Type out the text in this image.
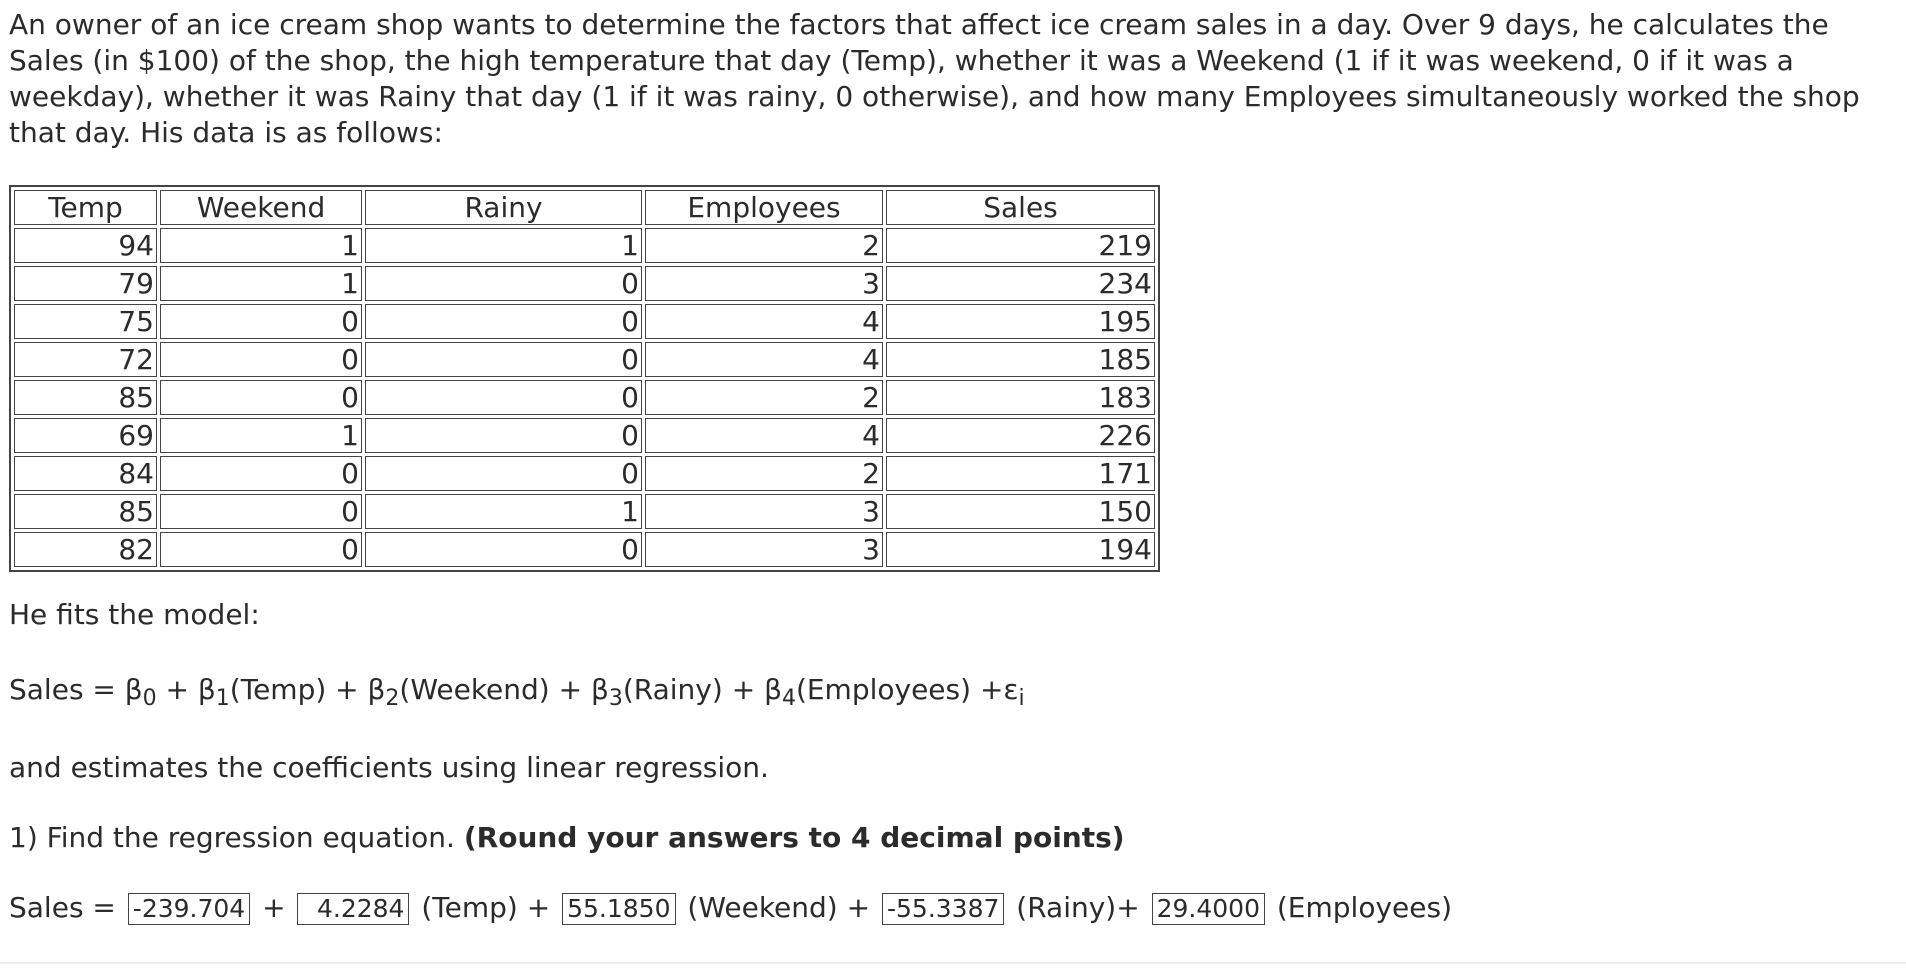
An owner of an ice cream shop wants to determine the factors that affect ice cream sales in a day. Over 9 days, he calculates the Sales (in $100) of the shop, the high temperature that day (Temp), whether it was a Weekend (1 if it was weekend, 0 if it was a weekday), whether it was Rainy that day (1 if it was rainy, 0 otherwise), and how many Employees simultaneously worked the shop that day. His data is as follows:

Temp	Weekend	Rainy	Employees	Sales
94	1	1	2	219
79	1	0	3	234
75	0	0	4	195
72	0	0	4	185
85	0	0	2	183
69	1	0	4	226
84	0	0	2	171
85	0	1	3	150
82	0	0	3	194

He fits the model:

Sales = $\beta_0$ + $\beta_1(Temp)$ + $\beta_2(Weekend)$ + $\beta_3(Rainy)$ + $\beta_4(Employees) +\varepsilon_i$

and estimates the coefficients using linear regression.

1) Find the regression equation. (Round your answers to 4 decimal points)

Sales = -239.704 + 4.2284 (Temp) + 55.1850 (Weekend) + -55.3387 (Rainy)+ 29.4000 (Employees)
